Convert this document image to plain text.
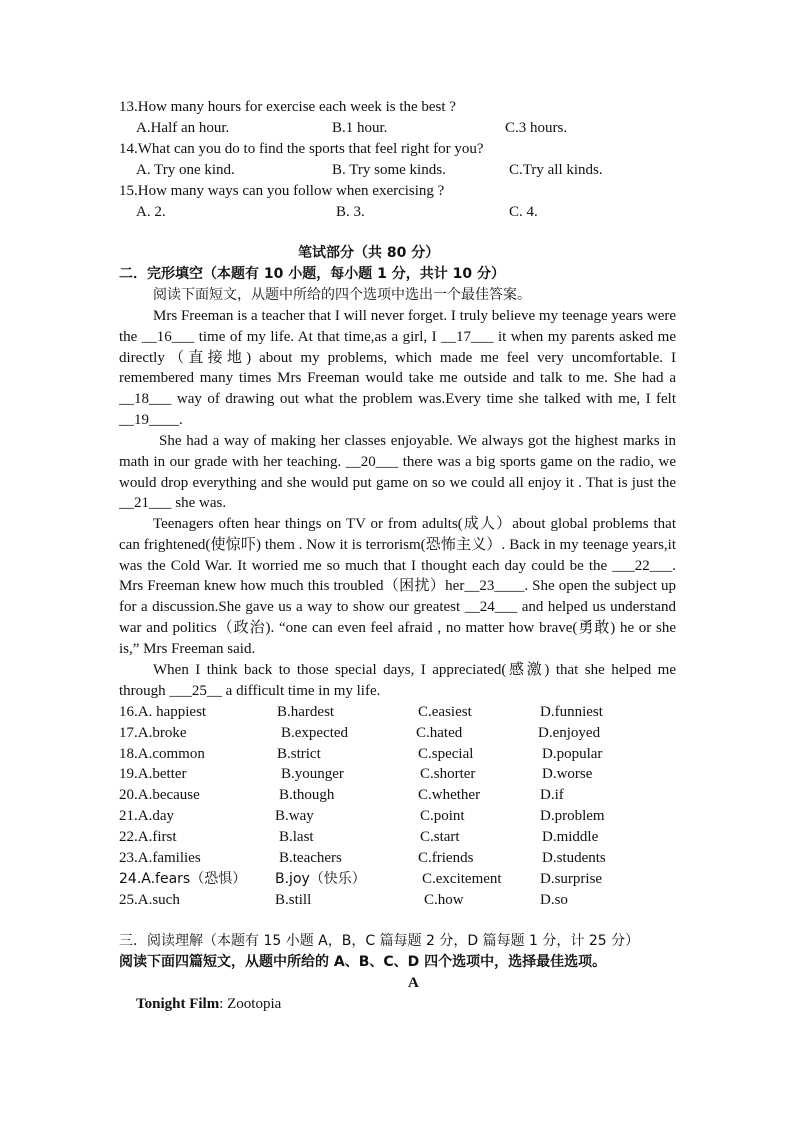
13.How many hours for exercise each week is the best ?
A.Half an hour.	B.1 hour.	C.3 hours.
14.What can you do to find the sports that feel right for you?
A. Try one kind.	B. Try some kinds.	C.Try all kinds.
15.How many ways can you follow when exercising ?
A. 2.	B. 3.	C. 4.
笔试部分（共 80 分）
二．完形填空（本题有 10 小题，每小题 1 分，共计 10 分）
阅读下面短文，从题中所给的四个选项中选出一个最佳答案。

Mrs Freeman is a teacher that I will never forget. I truly believe my teenage years were the __16___ time of my life. At that time,as a girl, I __17___ it when my parents asked me directly（直接地) about my problems, which made me feel very uncomfortable. I remembered many times Mrs Freeman would take me outside and talk to me. She had a __18___ way of drawing out what the problem was.Every time she talked with me, I felt __19____.

She had a way of making her classes enjoyable. We always got the highest marks in math in our grade with her teaching. __20___ there was a big sports game on the radio, we would drop everything and she would put game on so we could all enjoy it . That is just the __21___ she was.

Teenagers often hear things on TV or from adults(成人）about global problems that can frightened(使惊吓) them . Now it is terrorism(恐怖主义）. Back in my teenage years,it was the Cold War. It worried me so much that I thought each day could be the ___22___. Mrs Freeman knew how much this troubled（困扰）her__23____. She open the subject up for a discussion.She gave us a way to show our greatest __24___ and helped us understand war and politics（政治). “one can even feel afraid , no matter how brave(勇敢) he or she is,” Mrs Freeman said.

When I think back to those special days, I appreciated(感激) that she helped me through ___25__ a difficult time in my life.

16.A. happiest	B.hardest	C.easiest	D.funniest
17.A.broke	B.expected	C.hated	D.enjoyed
18.A.common	B.strict	C.special	D.popular
19.A.better	B.younger	C.shorter	D.worse
20.A.because	B.though	C.whether	D.if
21.A.day	B.way	C.point	D.problem
22.A.first	B.last	C.start	D.middle
23.A.families	B.teachers	C.friends	D.students
24.A.fears（恐惧） B.joy（快乐）	C.excitement	D.surprise
25.A.such	B.still	C.how	D.so
三．阅读理解（本题有 15 小题 A，B，C 篇每题 2 分，D 篇每题 1 分，计 25 分）
阅读下面四篇短文，从题中所给的 A、B、C、D 四个选项中，选择最佳选项。
A
Tonight Film: Zootopia
